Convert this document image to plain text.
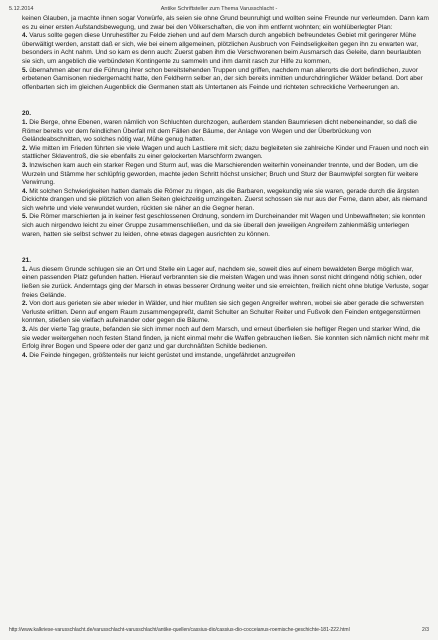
5.12.2014	Antike Schriftsteller zum Thema Varusschlacht -

keinen Glauben, ja machte ihnen sogar Vorwürfe, als seien sie ohne Grund beunruhigt und wollten seine Freunde nur verleumden. Dann kam es zu einer ersten Aufstandsbewegung, und zwar bei den Völkerschaften, die von ihm entfernt wohnten; ein wohlüberlegter Plan:

4. Varus sollte gegen diese Unruhestifter zu Felde ziehen und auf dem Marsch durch angeblich befreundetes Gebiet mit geringerer Mühe überwältigt werden, anstatt daß er sich, wie bei einem allgemeinen, plötzlichen Ausbruch von Feindseligkeiten gegen ihn zu erwarten war, besonders in Acht nahm. Und so kam es denn auch: Zuerst gaben ihm die Verschworenen beim Ausmarsch das Geleite, dann beurlaubten sie sich, um angeblich die verbündeten Kontingente zu sammeln und ihm damit rasch zur Hilfe zu kommen,

5. übernahmen aber nur die Führung ihrer schon bereitstehenden Truppen und griffen, nachdem man allerorts die dort befindlichen, zuvor erbetenen Garnisonen niedergemacht hatte, den Feldherrn selber an, der sich bereits inmitten undurchdringlicher Wälder befand. Dort aber offenbarten sich im gleichen Augenblick die Germanen statt als Untertanen als Feinde und richteten schreckliche Verheerungen an.

20.

1. Die Berge, ohne Ebenen, waren nämlich von Schluchten durchzogen, außerdem standen Baumriesen dicht nebeneinander, so daß die Römer bereits vor dem feindlichen Überfall mit dem Fällen der Bäume, der Anlage von Wegen und der Überbrückung von Geländeabschnitten, wo solches nötig war, Mühe genug hatten.

2. Wie mitten im Frieden führten sie viele Wagen und auch Lasttiere mit sich; dazu begleiteten sie zahlreiche Kinder und Frauen und noch ein stattlicher Sklaventroß, die sie ebenfalls zu einer gelockerten Marschform zwangen.

3. Inzwischen kam auch ein starker Regen und Sturm auf, was die Marschierenden weiterhin voneinander trennte, und der Boden, um die Wurzeln und Stämme her schlüpfrig geworden, machte jeden Schritt höchst unsicher; Bruch und Sturz der Baumwipfel sorgten für weitere Verwirrung.

4. Mit solchen Schwierigkeiten hatten damals die Römer zu ringen, als die Barbaren, wegekundig wie sie waren, gerade durch die ärgsten Dickichte drangen und sie plötzlich von allen Seiten gleichzeitig umzingelten. Zuerst schossen sie nur aus der Ferne, dann aber, als niemand sich wehrte und viele verwundet wurden, rückten sie näher an die Gegner heran.

5. Die Römer marschierten ja in keiner fest geschlossenen Ordnung, sondern im Durcheinander mit Wagen und Unbewaffneten; sie konnten sich auch nirgendwo leicht zu einer Gruppe zusammenschließen, und da sie überall den jeweiligen Angreifern zahlenmäßig unterlegen waren, hatten sie selbst schwer zu leiden, ohne etwas dagegen ausrichten zu können.

21.

1. Aus diesem Grunde schlugen sie an Ort und Stelle ein Lager auf, nachdem sie, soweit dies auf einem bewaldeten Berge möglich war, einen passenden Platz gefunden hatten. Hierauf verbrannten sie die meisten Wagen und was ihnen sonst nicht dringend nötig schien, oder ließen sie zurück. Anderntags ging der Marsch in etwas besserer Ordnung weiter und sie erreichten, freilich nicht ohne blutige Verluste, sogar freies Gelände.

2. Von dort aus gerieten sie aber wieder in Wälder, und hier mußten sie sich gegen Angreifer wehren, wobei sie aber gerade die schwersten Verluste erlitten. Denn auf engem Raum zusammengepreßt, damit Schulter an Schulter Reiter und Fußvolk den Feinden entgegenstürmen konnten, stießen sie vielfach aufeinander oder gegen die Bäume.

3. Als der vierte Tag graute, befanden sie sich immer noch auf dem Marsch, und erneut überfielen sie heftiger Regen und starker Wind, die sie weder weitergehen noch festen Stand finden, ja nicht einmal mehr die Waffen gebrauchen ließen. Sie konnten sich nämlich nicht mehr mit Erfolg ihrer Bogen und Speere oder der ganz und gar durchnäßten Schilde bedienen.

4. Die Feinde hingegen, größtenteils nur leicht gerüstet und imstande, ungefährdet anzugreifen

http://www.kalkriese-varusschlacht.de/varusschlacht-varusschlacht/antike-quellen/cassius-dio/cassius-dio-cocceianus-roemische-geschichte-181-222.html	2/3
